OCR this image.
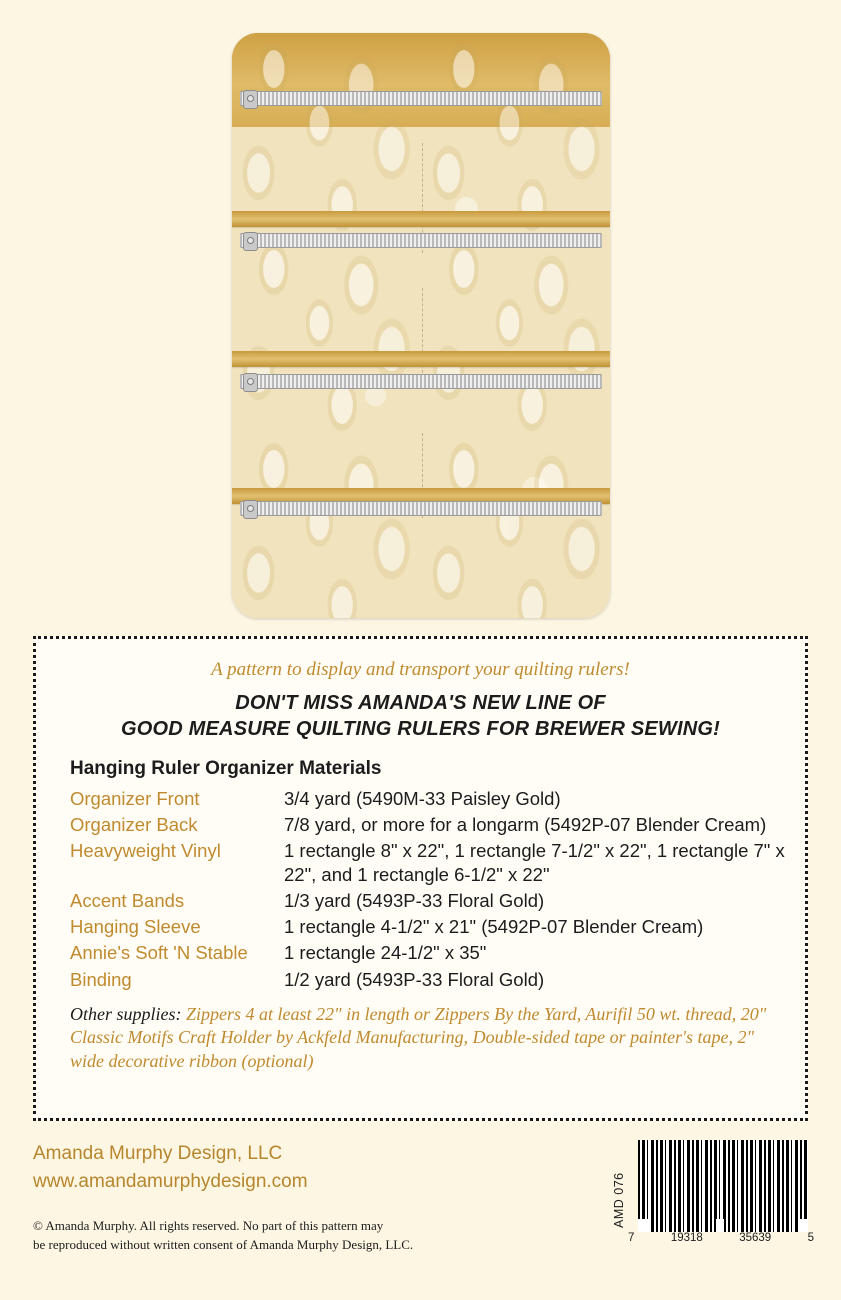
A pattern to display and transport your quilting rulers!
DON'T MISS AMANDA'S NEW LINE OF
GOOD MEASURE QUILTING RULERS FOR BREWER SEWING!
Hanging Ruler Organizer Materials
Organizer Front	3/4 yard (5490M-33 Paisley Gold)
Organizer Back	7/8 yard, or more for a longarm (5492P-07 Blender Cream)
Heavyweight Vinyl	1 rectangle 8" x 22", 1 rectangle 7-1/2" x 22", 1 rectangle 7" x 22", and 1 rectangle 6-1/2" x 22"
Accent Bands	1/3 yard (5493P-33 Floral Gold)
Hanging Sleeve	1 rectangle 4-1/2" x 21" (5492P-07 Blender Cream)
Annie's Soft 'N Stable	1 rectangle 24-1/2" x 35"
Binding	1/2 yard (5493P-33 Floral Gold)
Other supplies: Zippers 4 at least 22" in length or Zippers By the Yard, Aurifil 50 wt. thread, 20" Classic Motifs Craft Holder by Ackfeld Manufacturing, Double-sided tape or painter's tape, 2" wide decorative ribbon (optional)
Amanda Murphy Design, LLC
www.amandamurphydesign.com
© Amanda Murphy. All rights reserved. No part of this pattern may
be reproduced without written consent of Amanda Murphy Design, LLC.
AMD 076
7	19318	35639	5
